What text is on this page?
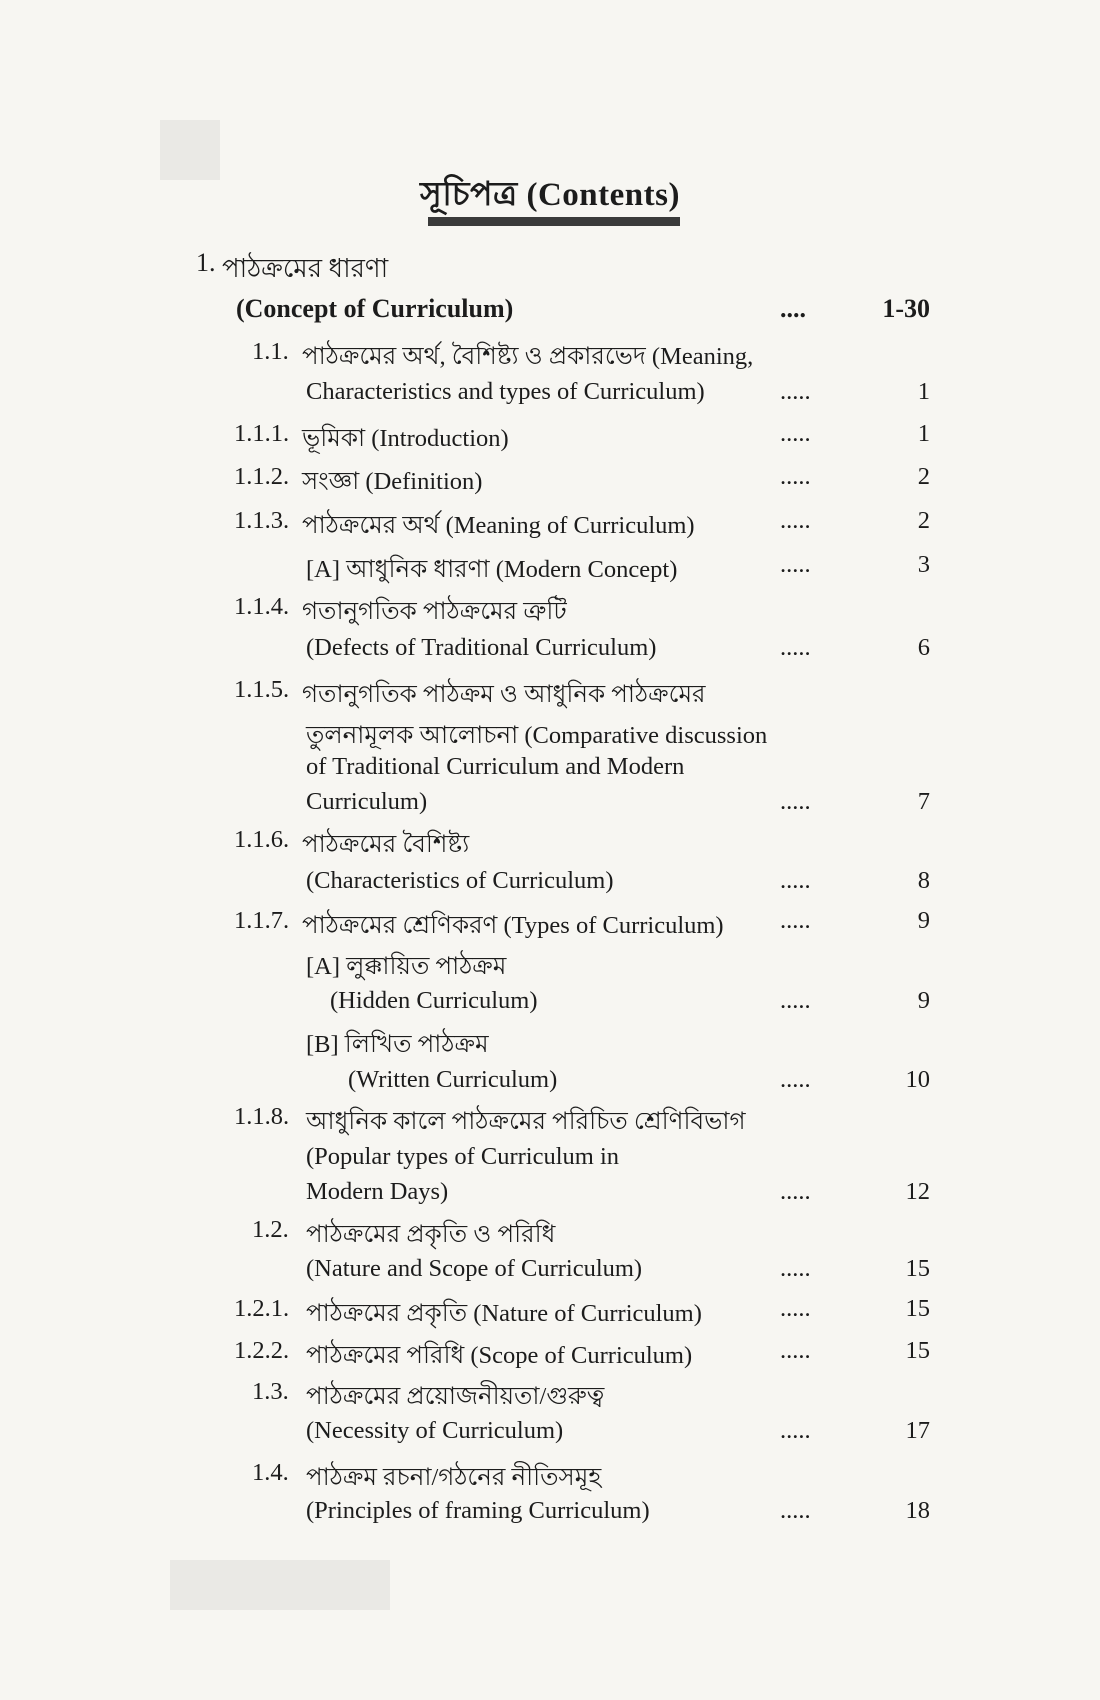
সূচিপত্র (Contents)
1. পাঠক্রমের ধারণা
(Concept of Curriculum)	....	1-30
1.1. পাঠক্রমের অর্থ, বৈশিষ্ট্য ও প্রকারভেদ (Meaning,
Characteristics and types of Curriculum)	.....	1
1.1.1. ভূমিকা (Introduction)	.....	1
1.1.2. সংজ্ঞা (Definition)	.....	2
1.1.3. পাঠক্রমের অর্থ (Meaning of Curriculum)	.....	2
[A] আধুনিক ধারণা (Modern Concept)	.....	3
1.1.4. গতানুগতিক পাঠক্রমের ত্রুটি
(Defects of Traditional Curriculum)	.....	6
1.1.5. গতানুগতিক পাঠক্রম ও আধুনিক পাঠক্রমের
তুলনামূলক আলোচনা (Comparative discussion
of Traditional Curriculum and Modern
Curriculum)	.....	7
1.1.6. পাঠক্রমের বৈশিষ্ট্য
(Characteristics of Curriculum)	.....	8
1.1.7. পাঠক্রমের শ্রেণিকরণ (Types of Curriculum) .....	9
[A] লুক্কায়িত পাঠক্রম
(Hidden Curriculum)	.....	9
[B] লিখিত পাঠক্রম
(Written Curriculum)	.....	10
1.1.8. আধুনিক কালে পাঠক্রমের পরিচিত শ্রেণিবিভাগ
(Popular types of Curriculum in
Modern Days)	.....	12
1.2. পাঠক্রমের প্রকৃতি ও পরিধি
(Nature and Scope of Curriculum)	.....	15
1.2.1. পাঠক্রমের প্রকৃতি (Nature of Curriculum)	.....	15
1.2.2. পাঠক্রমের পরিধি (Scope of Curriculum)	.....	15
1.3. পাঠক্রমের প্রয়োজনীয়তা/গুরুত্ব
(Necessity of Curriculum)	.....	17
1.4. পাঠক্রম রচনা/গঠনের নীতিসমূহ
(Principles of framing Curriculum)	.....	18
